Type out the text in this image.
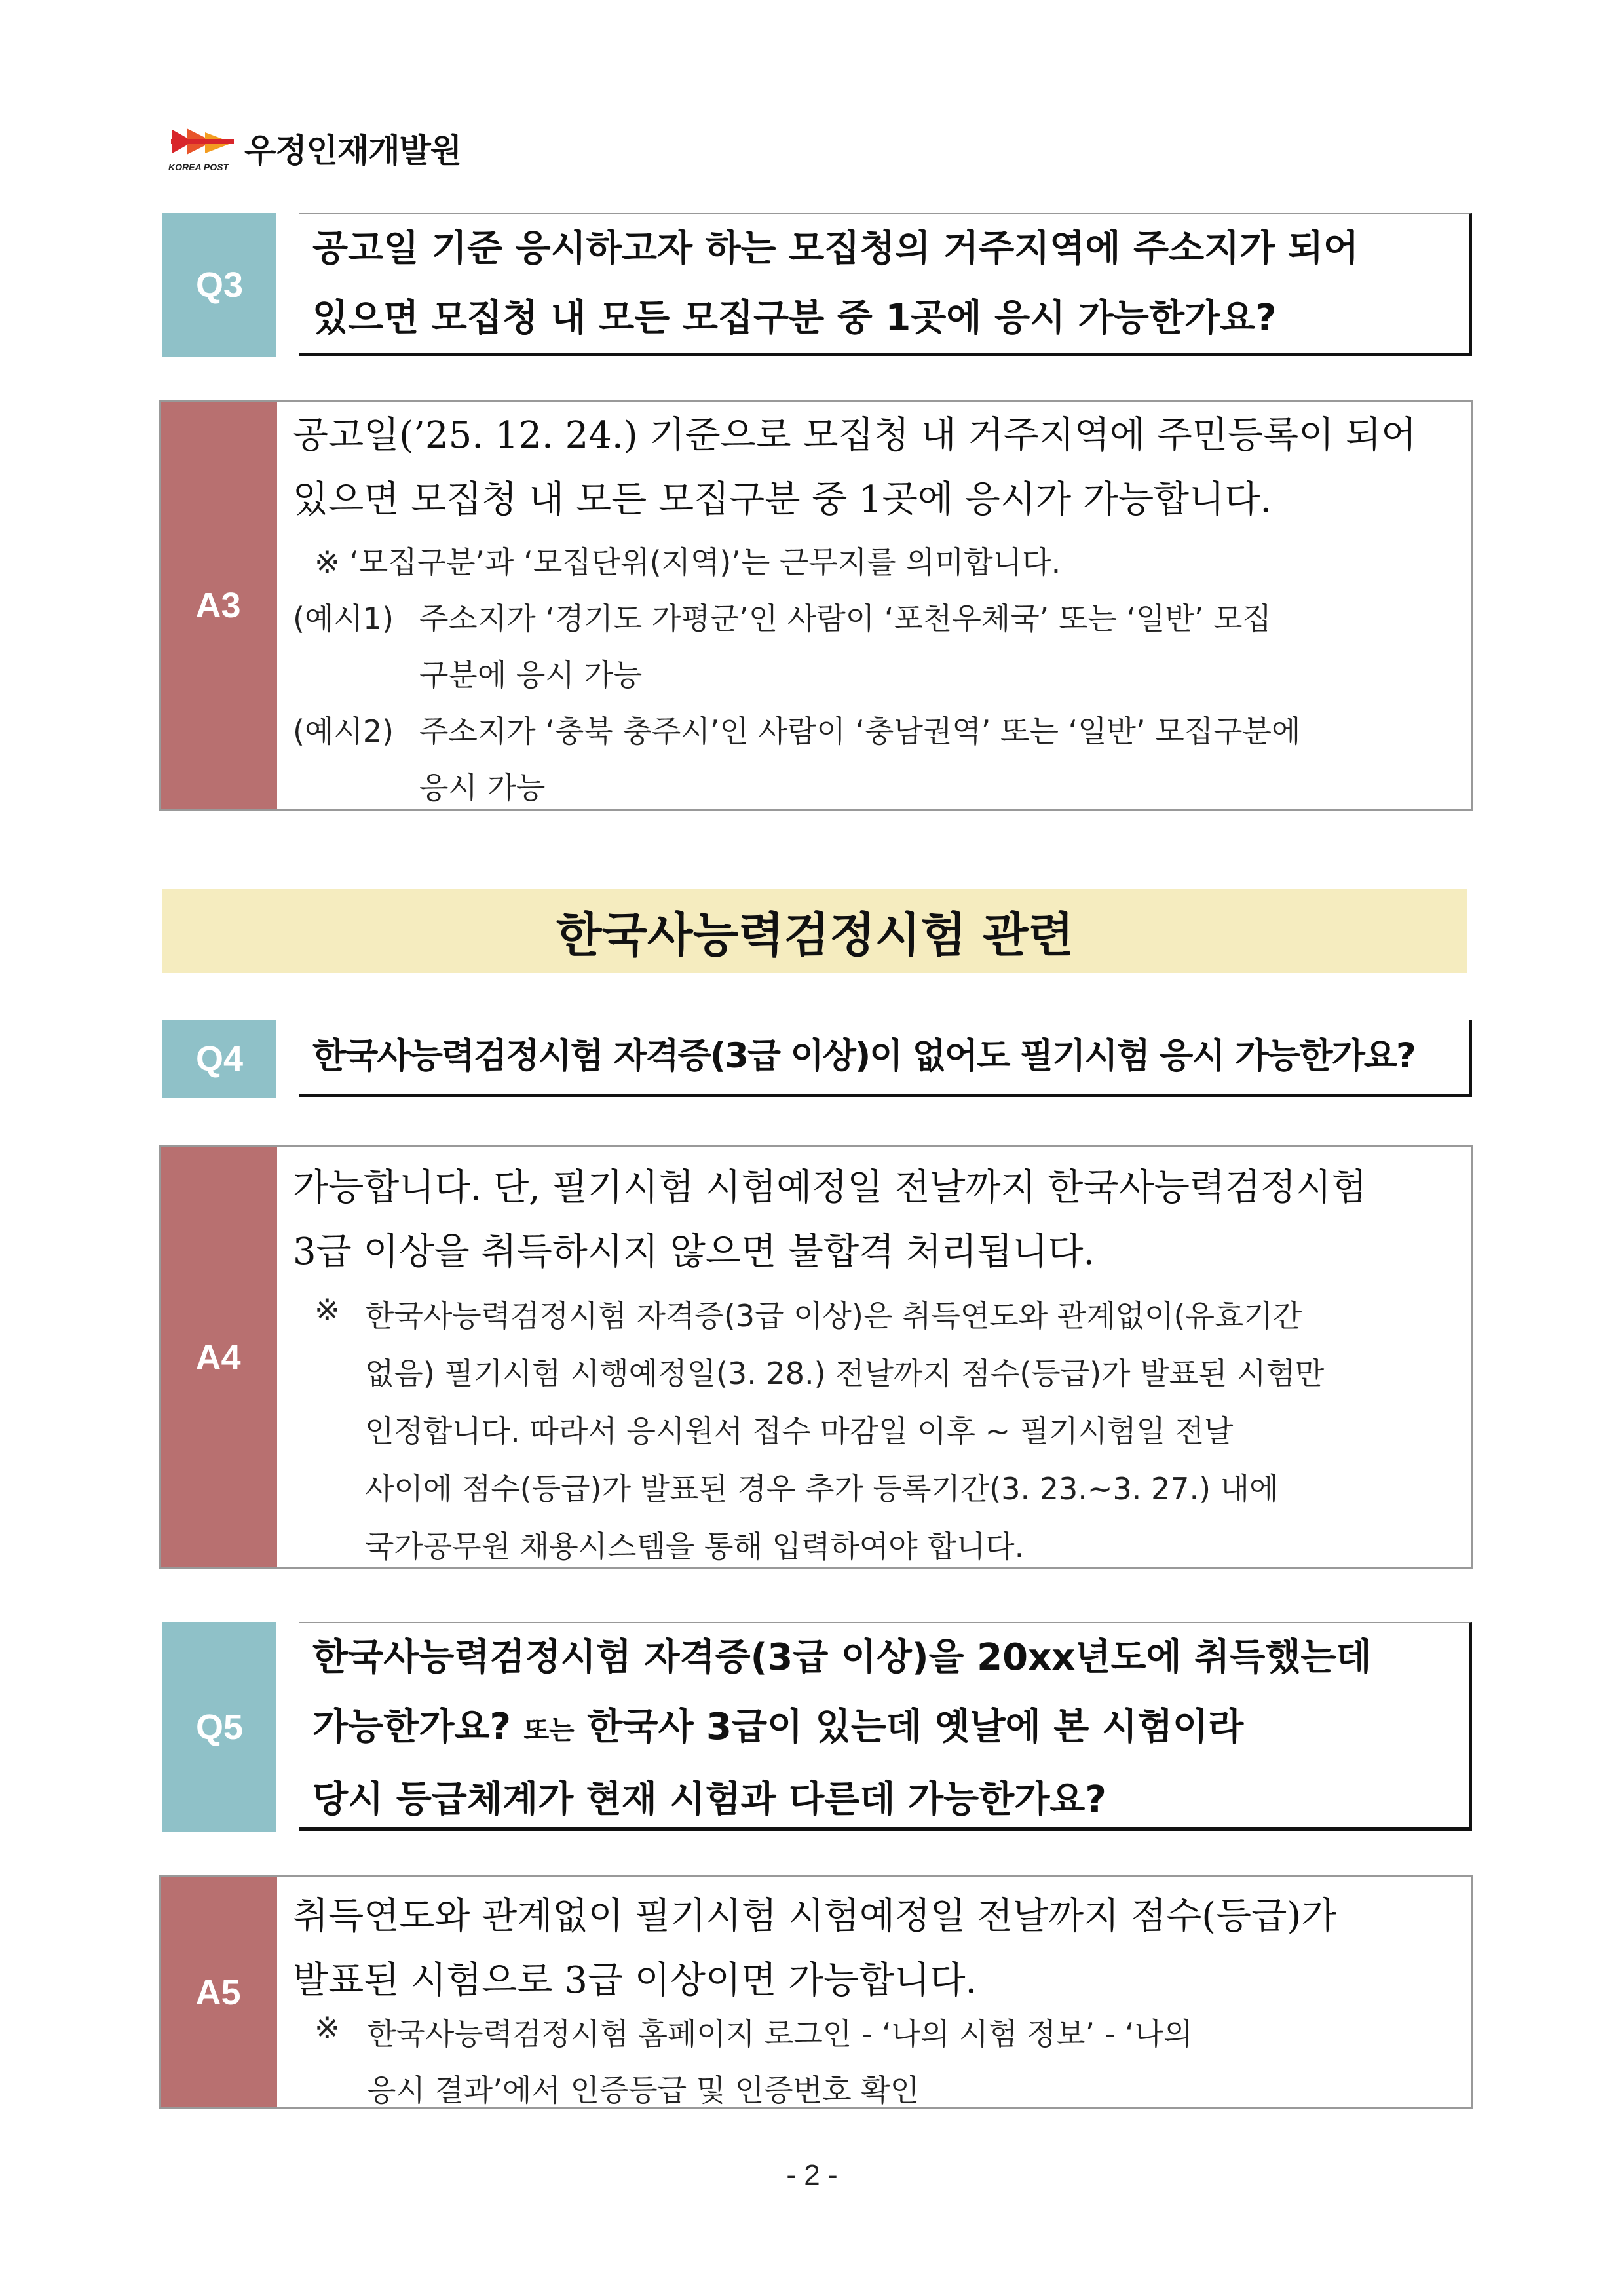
KOREA POST 우정인재개발원
Q3
공고일 기준 응시하고자 하는 모집청의 거주지역에 주소지가 되어
있으면 모집청 내 모든 모집구분 중 1곳에 응시 가능한가요?
A3
공고일(’25. 12. 24.) 기준으로 모집청 내 거주지역에 주민등록이 되어
있으면 모집청 내 모든 모집구분 중 1곳에 응시가 가능합니다.
※ ‘모집구분’과 ‘모집단위(지역)’는 근무지를 의미합니다.
(예시1) 주소지가 ‘경기도 가평군’인 사람이 ‘포천우체국’ 또는 ‘일반’ 모집
구분에 응시 가능
(예시2) 주소지가 ‘충북 충주시’인 사람이 ‘충남권역’ 또는 ‘일반’ 모집구분에
응시 가능
한국사능력검정시험 관련
Q4	한국사능력검정시험 자격증(3급 이상)이 없어도 필기시험 응시 가능한가요?
A4
가능합니다. 단, 필기시험 시험예정일 전날까지 한국사능력검정시험
3급 이상을 취득하시지 않으면 불합격 처리됩니다.
※ 한국사능력검정시험 자격증(3급 이상)은 취득연도와 관계없이(유효기간
없음) 필기시험 시행예정일(3. 28.) 전날까지 점수(등급)가 발표된 시험만
인정합니다. 따라서 응시원서 접수 마감일 이후 ~ 필기시험일 전날
사이에 점수(등급)가 발표된 경우 추가 등록기간(3. 23.~3. 27.) 내에
국가공무원 채용시스템을 통해 입력하여야 합니다.
Q5
한국사능력검정시험 자격증(3급 이상)을 20xx년도에 취득했는데
가능한가요? 또는 한국사 3급이 있는데 옛날에 본 시험이라
당시 등급체계가 현재 시험과 다른데 가능한가요?
A5
취득연도와 관계없이 필기시험 시험예정일 전날까지 점수(등급)가
발표된 시험으로 3급 이상이면 가능합니다.
※ 한국사능력검정시험 홈페이지 로그인 - ‘나의 시험 정보’ - ‘나의
응시 결과’에서 인증등급 및 인증번호 확인
- 2 -
